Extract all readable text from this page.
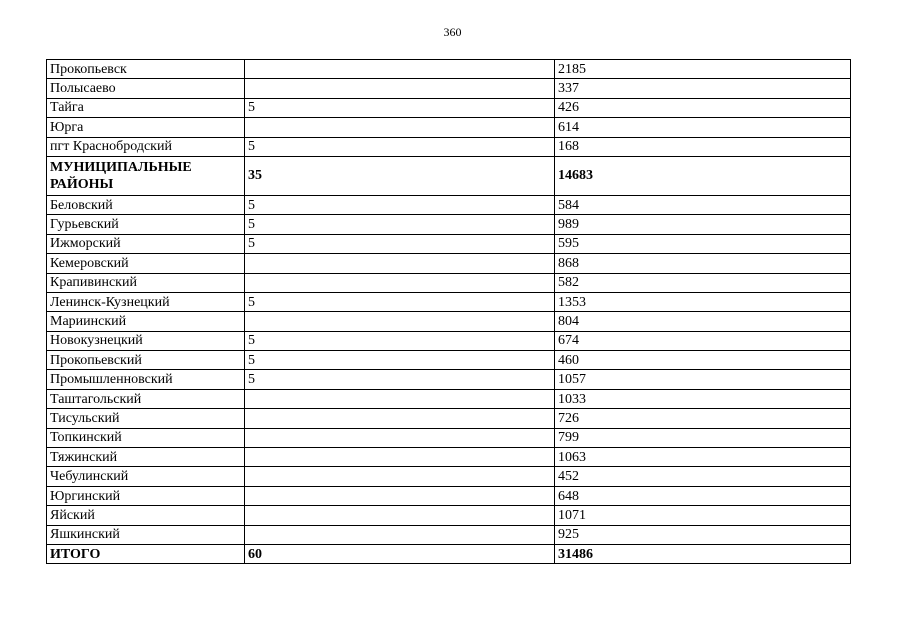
360
Прокопьевск		2185
Полысаево		337
Тайга	5	426
Юрга		614
пгт Краснобродский	5	168
МУНИЦИПАЛЬНЫЕ РАЙОНЫ	35	14683
Беловский	5	584
Гурьевский	5	989
Ижморский	5	595
Кемеровский		868
Крапивинский		582
Ленинск-Кузнецкий	5	1353
Мариинский		804
Новокузнецкий	5	674
Прокопьевский	5	460
Промышленновский	5	1057
Таштагольский		1033
Тисульский		726
Топкинский		799
Тяжинский		1063
Чебулинский		452
Юргинский		648
Яйский		1071
Яшкинский		925
ИТОГО	60	31486
